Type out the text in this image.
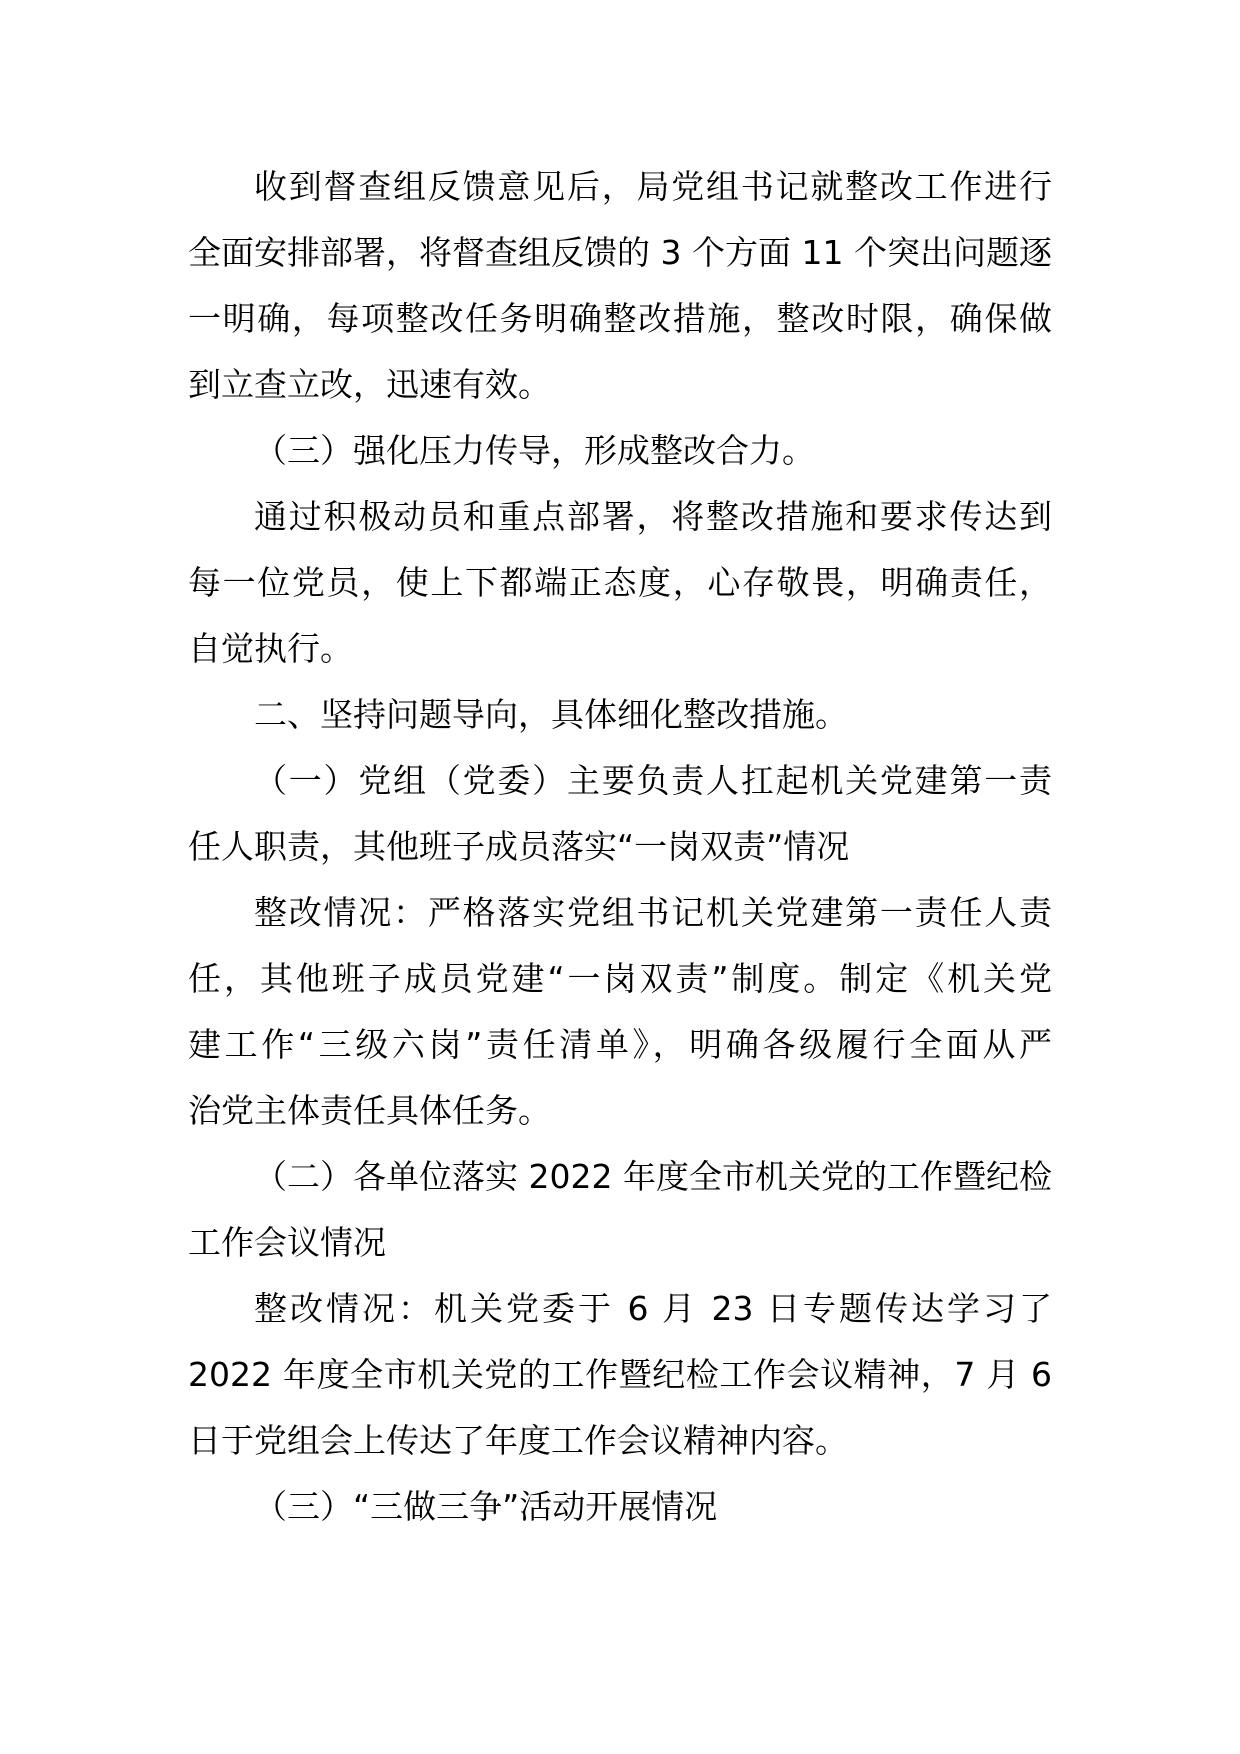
收到督查组反馈意见后，局党组书记就整改工作进行
全面安排部署，将督查组反馈的 3 个方面 11 个突出问题逐
一明确，每项整改任务明确整改措施，整改时限，确保做
到立查立改，迅速有效。
（三）强化压力传导，形成整改合力。
通过积极动员和重点部署，将整改措施和要求传达到
每一位党员，使上下都端正态度，心存敬畏，明确责任，
自觉执行。
二、坚持问题导向，具体细化整改措施。
（一）党组（党委）主要负责人扛起机关党建第一责
任人职责，其他班子成员落实“一岗双责”情况
整改情况：严格落实党组书记机关党建第一责任人责
任，其他班子成员党建“一岗双责”制度。制定《机关党
建工作“三级六岗”责任清单》，明确各级履行全面从严
治党主体责任具体任务。
（二）各单位落实 2022 年度全市机关党的工作暨纪检
工作会议情况
整改情况：机关党委于 6 月 23 日专题传达学习了
2022 年度全市机关党的工作暨纪检工作会议精神，7 月 6
日于党组会上传达了年度工作会议精神内容。
（三）“三做三争”活动开展情况
